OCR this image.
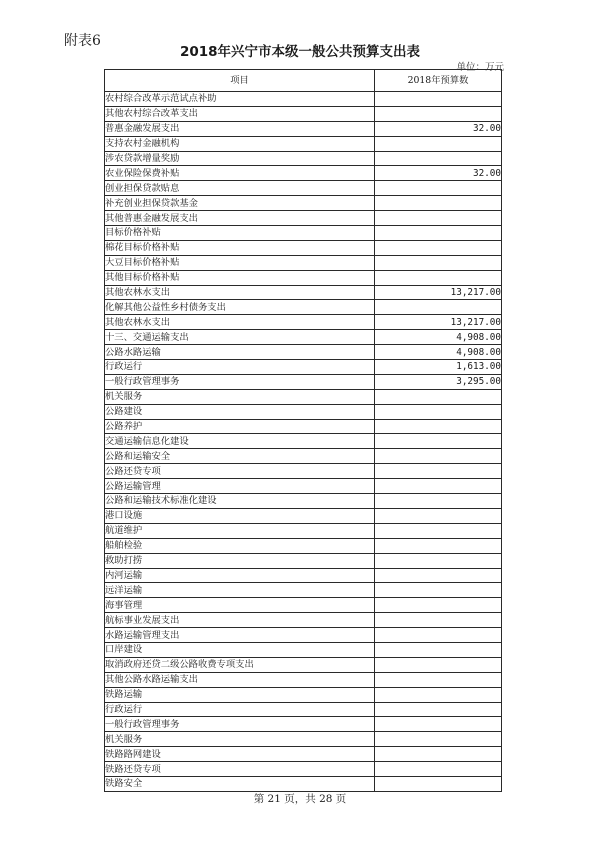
附表6
2018年兴宁市本级一般公共预算支出表
单位：万元
项目	2018年预算数
农村综合改革示范试点补助	
其他农村综合改革支出	
普惠金融发展支出	32.00
支持农村金融机构	
涉农贷款增量奖励	
农业保险保费补贴	32.00
创业担保贷款贴息	
补充创业担保贷款基金	
其他普惠金融发展支出	
目标价格补贴	
棉花目标价格补贴	
大豆目标价格补贴	
其他目标价格补贴	
其他农林水支出	13,217.00
化解其他公益性乡村债务支出	
其他农林水支出	13,217.00
十三、交通运输支出	4,908.00
公路水路运输	4,908.00
行政运行	1,613.00
一般行政管理事务	3,295.00
机关服务	
公路建设	
公路养护	
交通运输信息化建设	
公路和运输安全	
公路还贷专项	
公路运输管理	
公路和运输技术标准化建设	
港口设施	
航道维护	
船舶检验	
救助打捞	
内河运输	
远洋运输	
海事管理	
航标事业发展支出	
水路运输管理支出	
口岸建设	
取消政府还贷二级公路收费专项支出	
其他公路水路运输支出	
铁路运输	
行政运行	
一般行政管理事务	
机关服务	
铁路路网建设	
铁路还贷专项	
铁路安全	
第 21 页，共 28 页
